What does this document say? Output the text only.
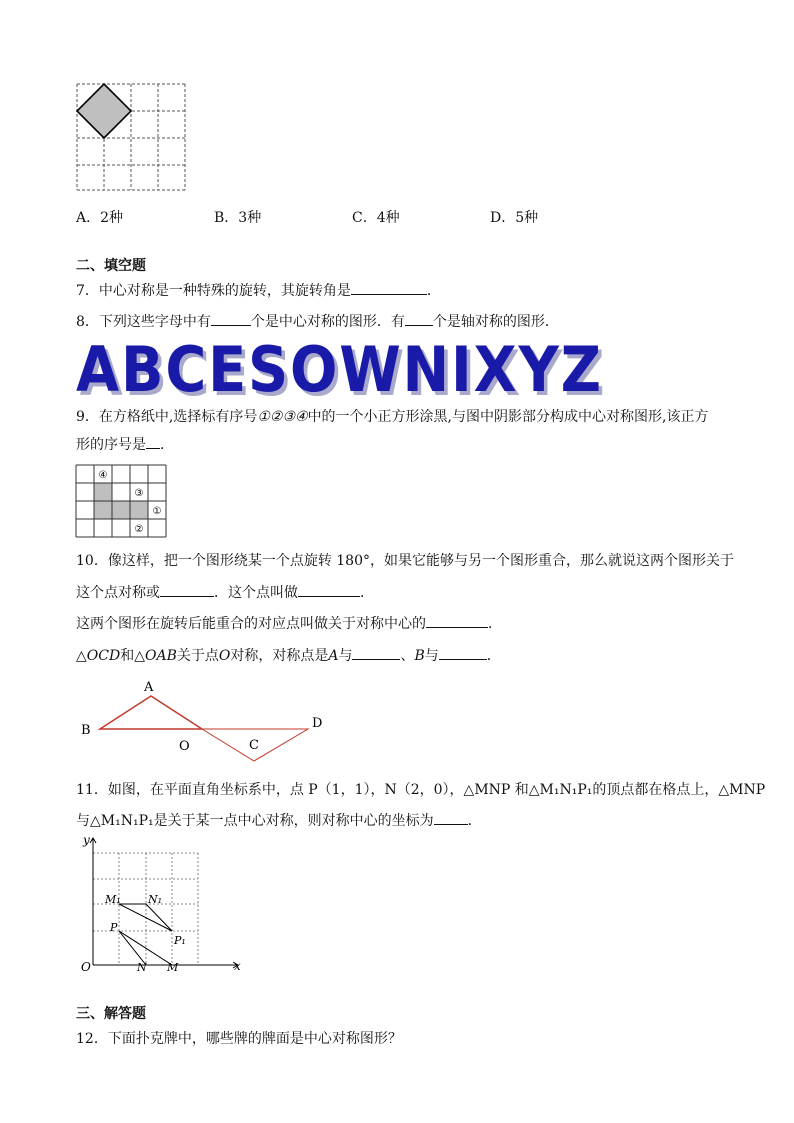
A．2种	B．3种	C．4种	D．5种
二、填空题
7．中心对称是一种特殊的旋转，其旋转角是	．
8．下列这些字母中有	个是中心对称的图形．有 个是轴对称的图形．
ABCESOWNIXYZ
9．在方格纸中,选择标有序号①②③④中的一个小正方形涂黑,与图中阴影部分构成中心对称图形,该正方
形的序号是 ．
④
③
①
②
10．像这样，把一个图形绕某一个点旋转 180°，如果它能够与另一个图形重合，那么就说这两个图形关于
这个点对称或	．这个点叫做	．
这两个图形在旋转后能重合的对应点叫做关于对称中心的	．
△OCD和△OAB关于点O对称，对称点是A与	、B与	．
A
B
O	C
D
11．如图，在平面直角坐标系中，点 P（1，1），N（2，0），△MNP 和△M₁N₁P₁的顶点都在格点上，△MNP
与△M₁N₁P₁是关于某一点中心对称，则对称中心的坐标为 ．
y
x
O
M₁ N₁
P
P₁
N M
三、解答题
12．下面扑克牌中，哪些牌的牌面是中心对称图形？
